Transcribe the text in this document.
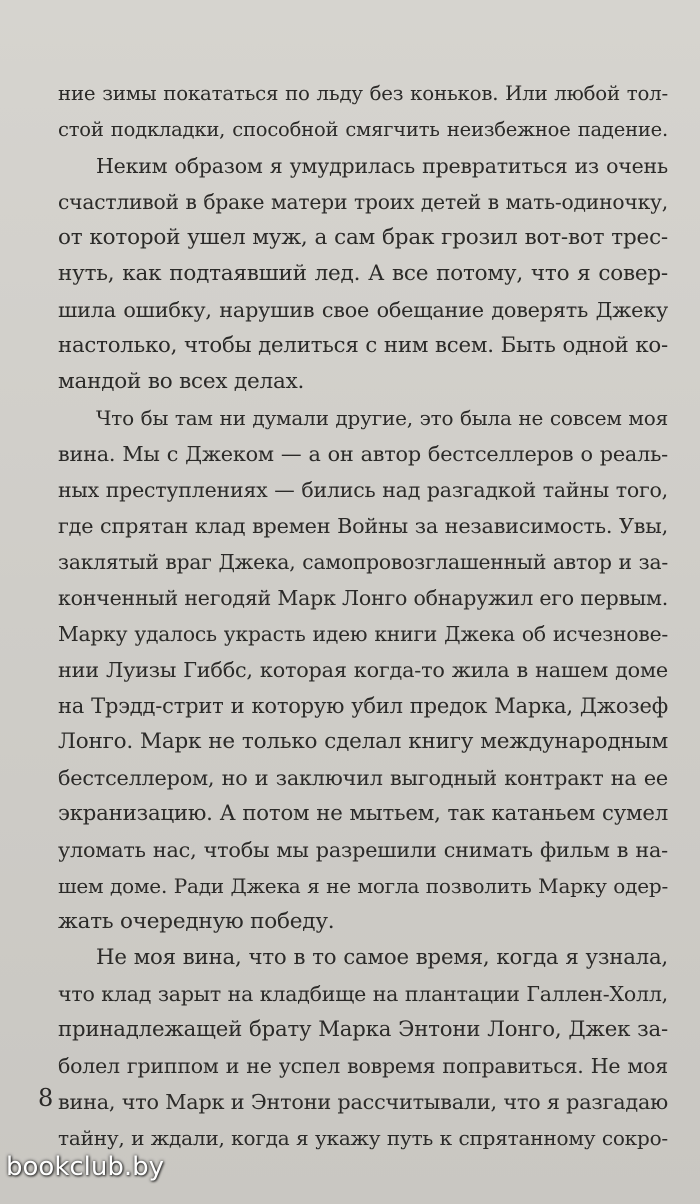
ние зимы покататься по льду без коньков. Или любой тол-
стой подкладки, способной смягчить неизбежное падение.
Неким образом я умудрилась превратиться из очень
счастливой в браке матери троих детей в мать-одиночку,
от которой ушел муж, а сам брак грозил вот-вот трес-
нуть, как подтаявший лед. А все потому, что я совер-
шила ошибку, нарушив свое обещание доверять Джеку
настолько, чтобы делиться с ним всем. Быть одной ко-
мандой во всех делах.
Что бы там ни думали другие, это была не совсем моя
вина. Мы с Джеком — а он автор бестселлеров о реаль-
ных преступлениях — бились над разгадкой тайны того,
где спрятан клад времен Войны за независимость. Увы,
заклятый враг Джека, самопровозглашенный автор и за-
конченный негодяй Марк Лонго обнаружил его первым.
Марку удалось украсть идею книги Джека об исчезнове-
нии Луизы Гиббс, которая когда-то жила в нашем доме
на Трэдд-стрит и которую убил предок Марка, Джозеф
Лонго. Марк не только сделал книгу международным
бестселлером, но и заключил выгодный контракт на ее
экранизацию. А потом не мытьем, так катаньем сумел
уломать нас, чтобы мы разрешили снимать фильм в на-
шем доме. Ради Джека я не могла позволить Марку одер-
жать очередную победу.
Не моя вина, что в то самое время, когда я узнала,
что клад зарыт на кладбище на плантации Галлен-Холл,
принадлежащей брату Марка Энтони Лонго, Джек за-
болел гриппом и не успел вовремя поправиться. Не моя
вина, что Марк и Энтони рассчитывали, что я разгадаю
тайну, и ждали, когда я укажу путь к спрятанному сокро-
8
bookclub.by
